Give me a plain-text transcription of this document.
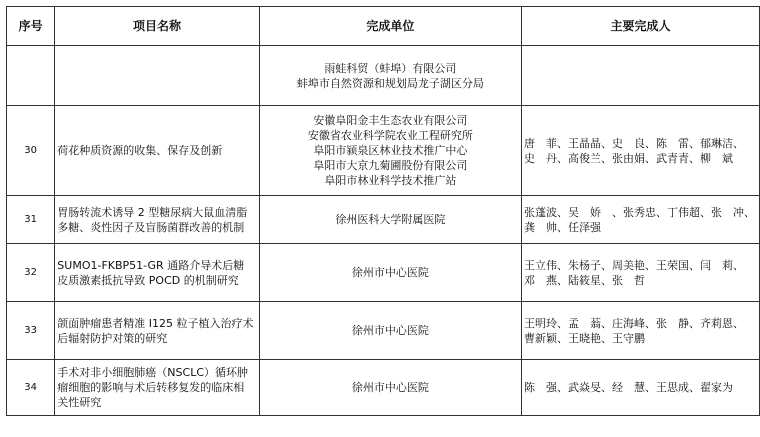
序号	项目名称	完成单位	主要完成人

		雨蛙科贸（蚌埠）有限公司
蚌埠市自然资源和规划局龙子湖区分局	

30	荷花种质资源的收集、保存及创新	安徽阜阳金丰生态农业有限公司
安徽省农业科学院农业工程研究所
阜阳市颍泉区林业技术推广中心
阜阳市大京九菊圃股份有限公司
阜阳市林业科学技术推广站	唐　菲、王晶晶、史　良、陈　雷、郁琳洁、
史　丹、高俊兰、张由娟、武青青、柳　斌

31	胃肠转流术诱导 2 型糖尿病大鼠血清脂多糖、炎性因子及盲肠菌群改善的机制	徐州医科大学附属医院	张蓬波、吴　娇　、张秀忠、丁伟超、张　冲、
龚　帅、任泽强

32	SUMO1-FKBP51-GR 通路介导术后糖皮质激素抵抗导致 POCD 的机制研究	徐州市中心医院	王立伟、朱杨子、周美艳、王荣国、闫　莉、
邓　燕、陆筱星、张　哲

33	颌面肿瘤患者精准 I125 粒子植入治疗术后辐射防护对策的研究	徐州市中心医院	王明玲、孟　蓊、庄海峰、张　静、齐莉恩、
曹新颖、王晓艳、王守鹏

34	手术对非小细胞肺癌（NSCLC）循环肿瘤细胞的影响与术后转移复发的临床相关性研究	徐州市中心医院	陈　强、武焱旻、经　慧、王思成、翟家为
